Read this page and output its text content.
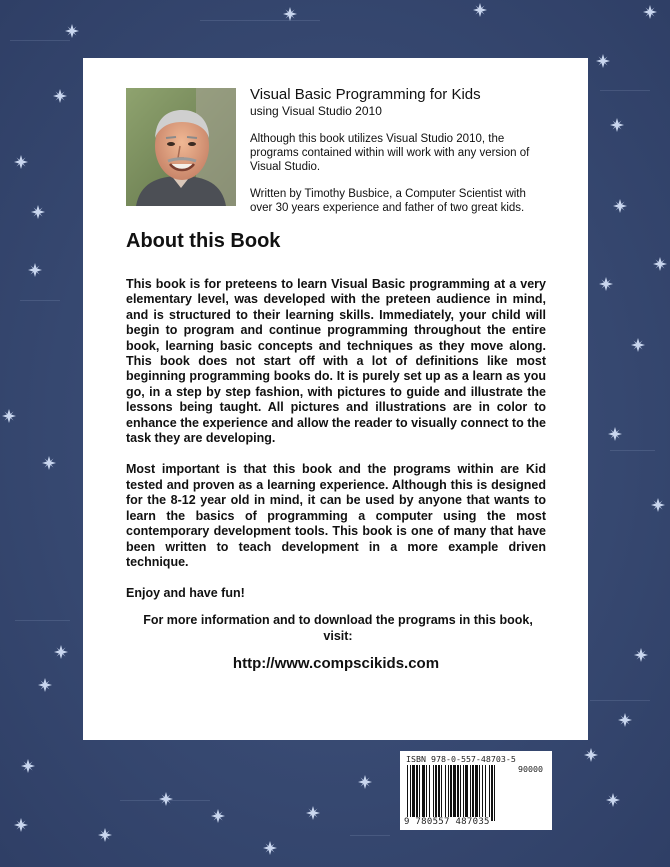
Visual Basic Programming for Kids
using Visual Studio 2010
Although this book utilizes Visual Studio 2010, the programs contained within will work with any version of Visual Studio.
Written by Timothy Busbice, a Computer Scientist with over 30 years experience and father of two great kids.
About this Book

This book is for preteens to learn Visual Basic programming at a very elementary level, was developed with the preteen audience in mind, and is structured to their learning skills. Immediately, your child will begin to program and continue programming throughout the entire book, learning basic concepts and techniques as they move along. This book does not start off with a lot of definitions like most beginning programming books do. It is purely set up as a learn as you go, in a step by step fashion, with pictures to guide and illustrate the lessons being taught. All pictures and illustrations are in color to enhance the experience and allow the reader to visually connect to the task they are developing.

Most important is that this book and the programs within are Kid tested and proven as a learning experience. Although this is designed for the 8-12 year old in mind, it can be used by anyone that wants to learn the basics of programming a computer using the most contemporary development tools. This book is one of many that have been written to teach development in a more example driven technique.

Enjoy and have fun!

For more information and to download the programs in this book, visit:
http://www.compscikids.com
ISBN 978-0-557-48703-5
90000
9 780557 487035
